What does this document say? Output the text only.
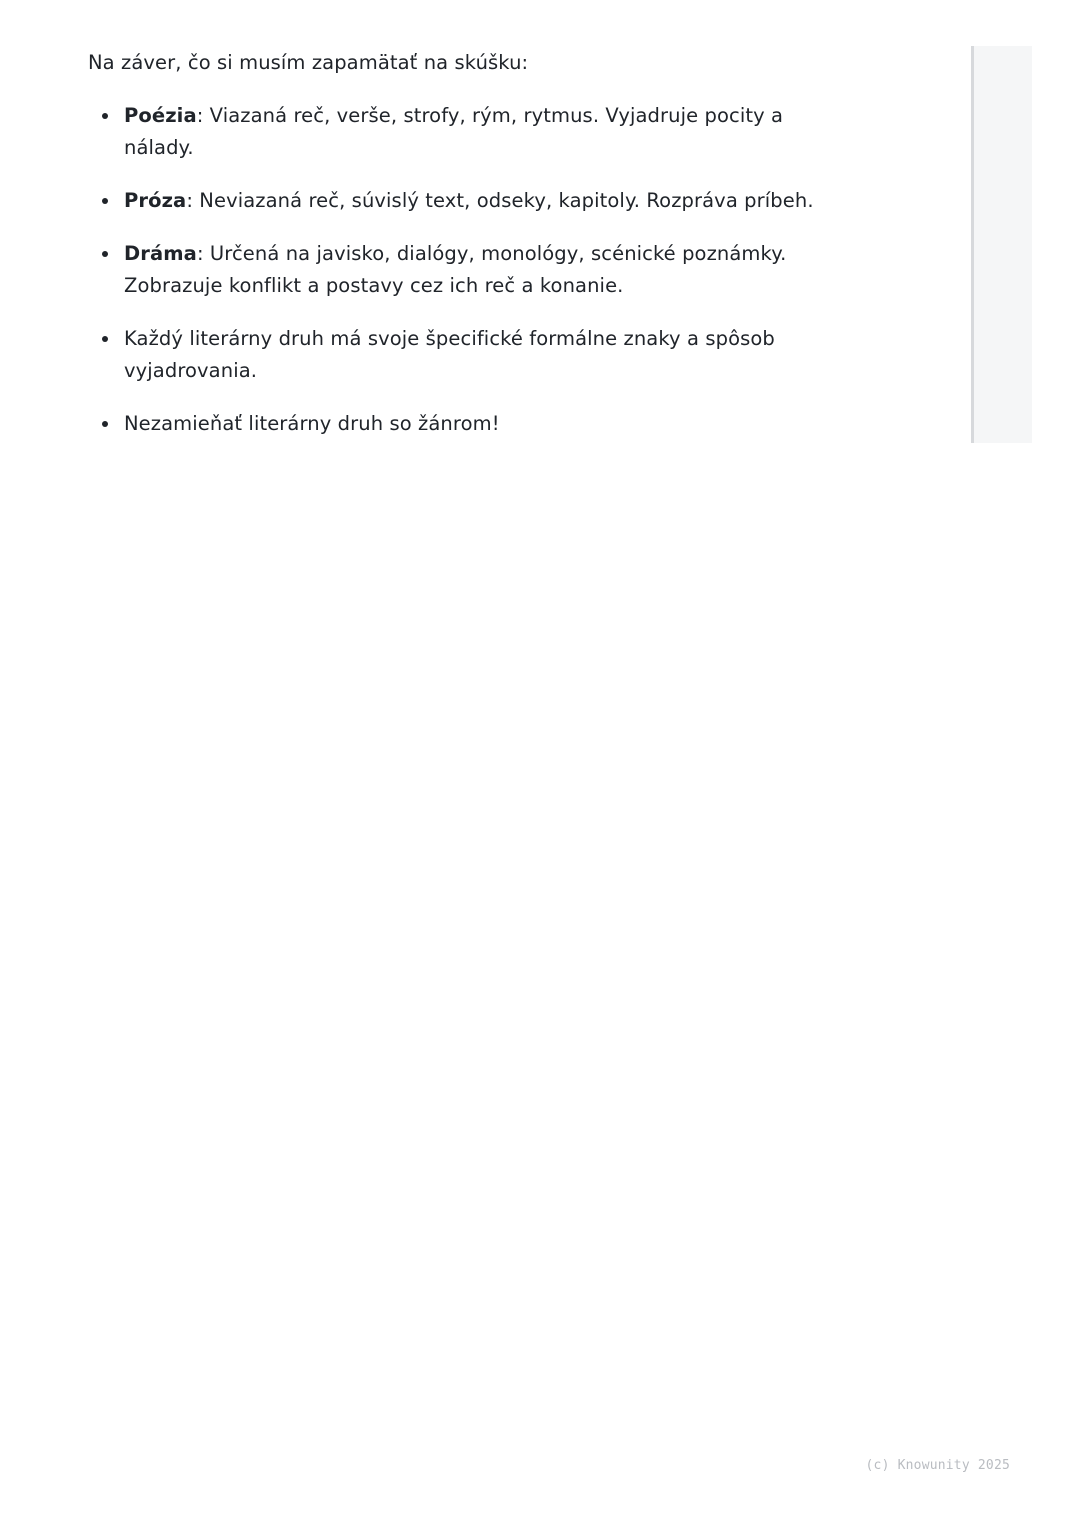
Na záver, čo si musím zapamätať na skúšku:

Poézia: Viazaná reč, verše, strofy, rým, rytmus. Vyjadruje pocity a nálady.
Próza: Neviazaná reč, súvislý text, odseky, kapitoly. Rozpráva príbeh.
Dráma: Určená na javisko, dialógy, monológy, scénické poznámky. Zobrazuje konflikt a postavy cez ich reč a konanie.
Každý literárny druh má svoje špecifické formálne znaky a spôsob vyjadrovania.
Nezamieňať literárny druh so žánrom!
(c) Knowunity 2025
